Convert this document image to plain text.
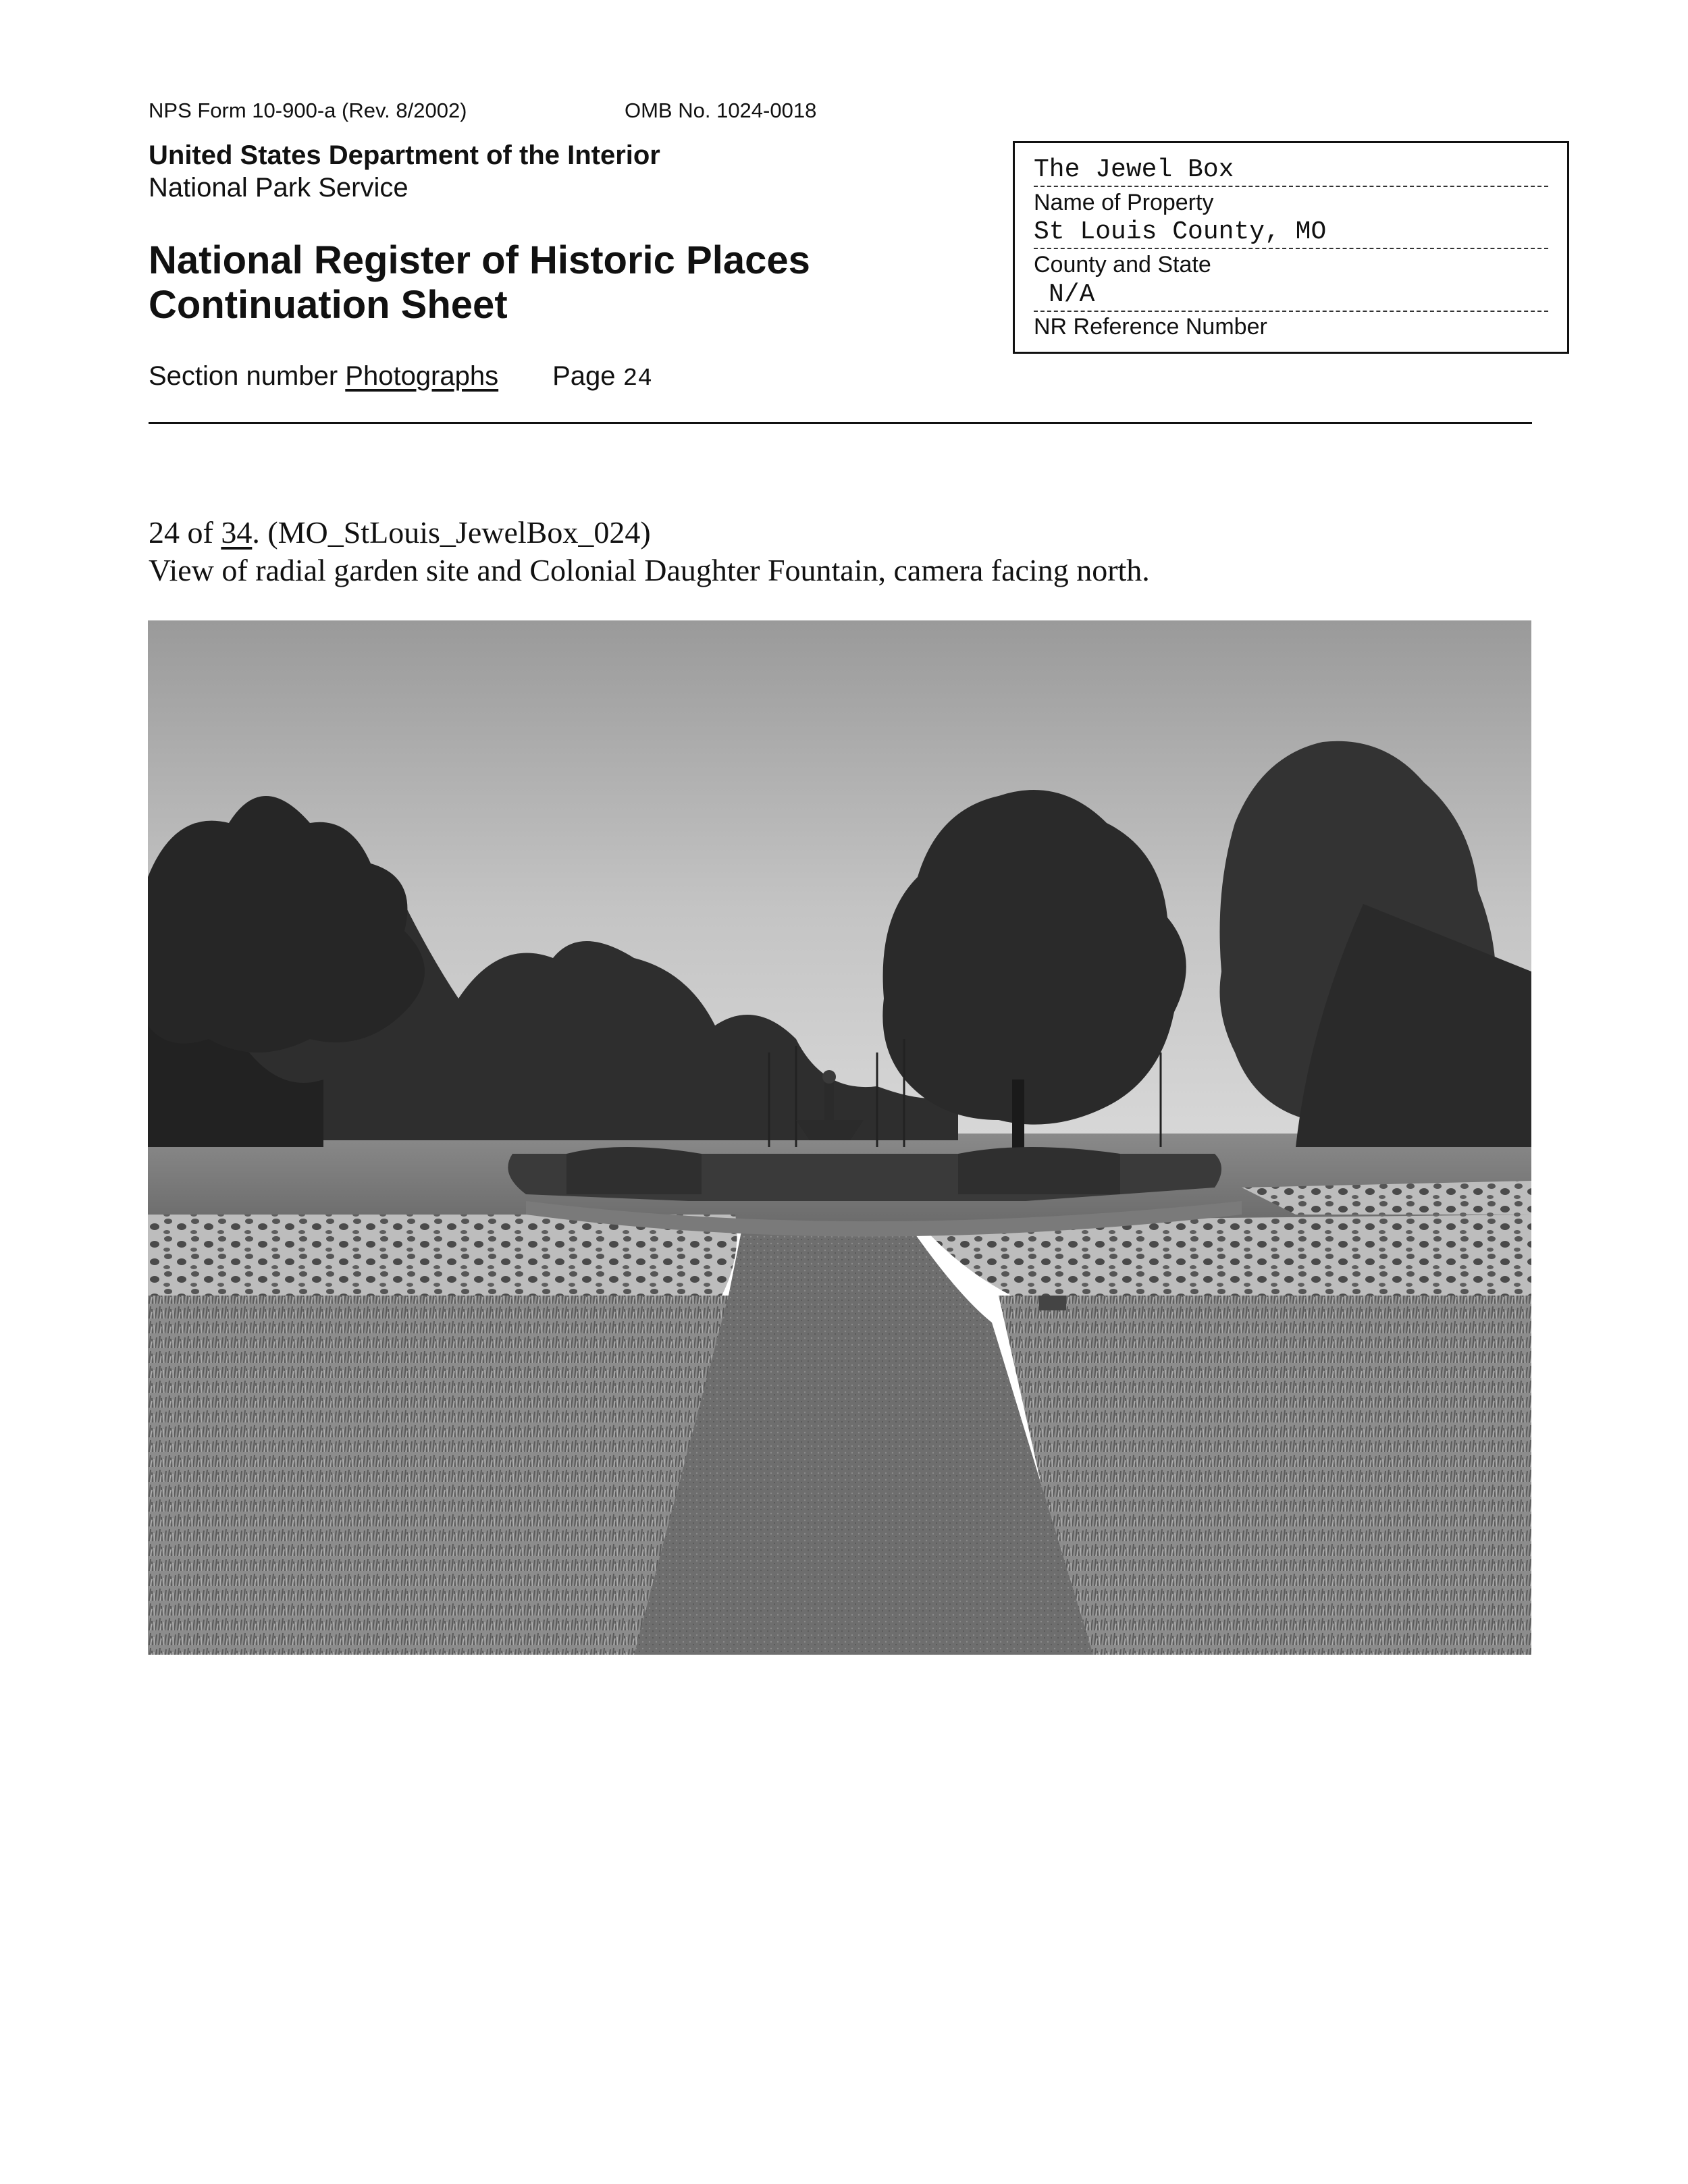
NPS Form 10-900-a (Rev. 8/2002)	OMB No. 1024-0018
United States Department of the Interior
National Park Service
National Register of Historic Places
Continuation Sheet
Section number Photographs Page 24
The Jewel Box
Name of Property
St Louis County, MO
County and State
N/A
NR Reference Number
24 of 34. (MO_StLouis_JewelBox_024)
View of radial garden site and Colonial Daughter Fountain, camera facing north.
